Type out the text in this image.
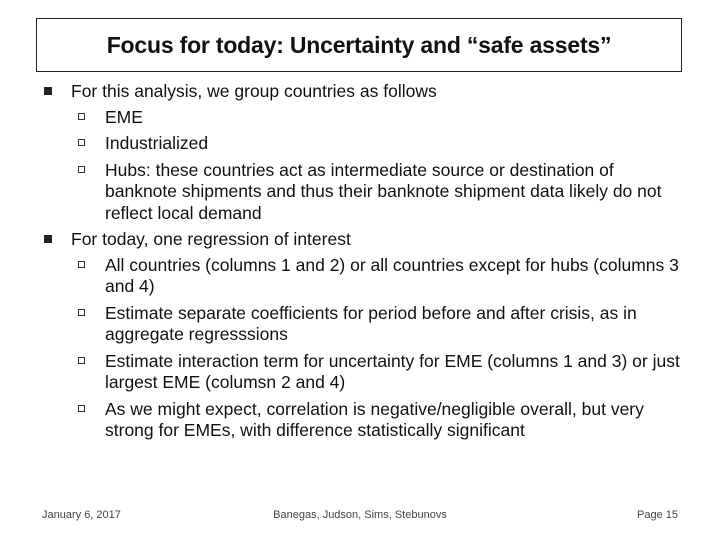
Focus for today: Uncertainty and “safe assets”
For this analysis, we group countries as follows
EME
Industrialized
Hubs: these countries act as intermediate source or destination of banknote shipments and thus their banknote shipment data likely do not reflect local demand
For today, one regression of interest
All countries (columns 1 and 2) or all countries except for hubs (columns 3 and 4)
Estimate separate coefficients for period before and after crisis, as in aggregate regresssions
Estimate interaction term for uncertainty for EME (columns 1 and 3) or just largest EME (columsn 2 and 4)
As we might expect, correlation is negative/negligible overall, but very strong for EMEs, with difference statistically significant
January 6, 2017	Banegas, Judson, Sims, Stebunovs	Page 15
